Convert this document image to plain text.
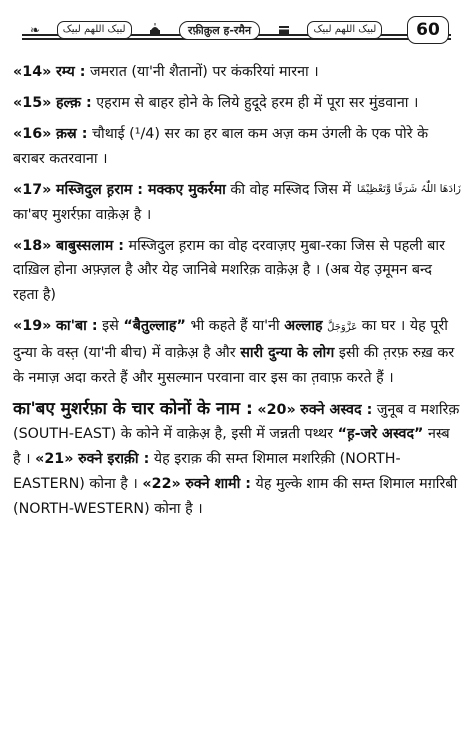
❧	لبیک اللھم لبیک	रफ़ीक़ुल ह-रमैन	لبیک اللھم لبیک	60

«14» रम्य : जमरात (या'नी शैतानों) पर कंकरियां मारना ।

«15» हल्क़ : एहराम से बाहर होने के लिये हुदूदे हरम ही में पूरा सर मुंडवाना ।

«16» क़स्र : चौथाई (¹/4) सर का हर बाल कम अज़ कम उंगली के एक पोरे के बराबर कतरवाना ।

زَادَھَا اللّٰہُ شَرَفًا وَّتَعْظِیْمًا
«17» मस्जिदुल ह़राम : मक्कए मुकर्रमा की वोह मस्जिद जिस में का'बए मुशर्रफ़ा वाक़ेअ़ है ।

«18» बाबुस्सलाम : मस्जिदुल ह़राम का वोह दरवाज़ए मुबा-रका जिस से पहली बार दाख़िल होना अफ़्ज़ल है और येह जानिबे मशरिक़ वाक़ेअ़ है । (अब येह उ़मूमन बन्द रहता है)

«19» का'बा : इसे “बैतुल्लाह” भी कहते हैं या'नी अल्लाह عَزَّوَجَلَّ का घर । येह पूरी दुन्या के वस्त़ (या'नी बीच) में वाक़ेअ़ है और सारी दुन्या के लोग इसी की त़रफ़ रुख़ कर के नमाज़ अदा करते हैं और मुसल्मान परवाना वार इस का त़वाफ़ करते हैं ।

का'बए मुशर्रफ़ा के चार कोनों के नाम : «20» रुक्ने अस्वद : जुनूब व मशरिक़ (SOUTH-EAST) के कोने में वाक़ेअ़ है, इसी में जन्नती पथ्थर “ह़-जरे अस्वद” नस्ब है । «21» रुक्ने इराक़ी : येह इराक़ की सम्त शिमाल मशरिक़ी (NORTH-EASTERN) कोना है । «22» रुक्ने शामी : येह मुल्के शाम की सम्त शिमाल मग़रिबी (NORTH-WESTERN) कोना है ।
